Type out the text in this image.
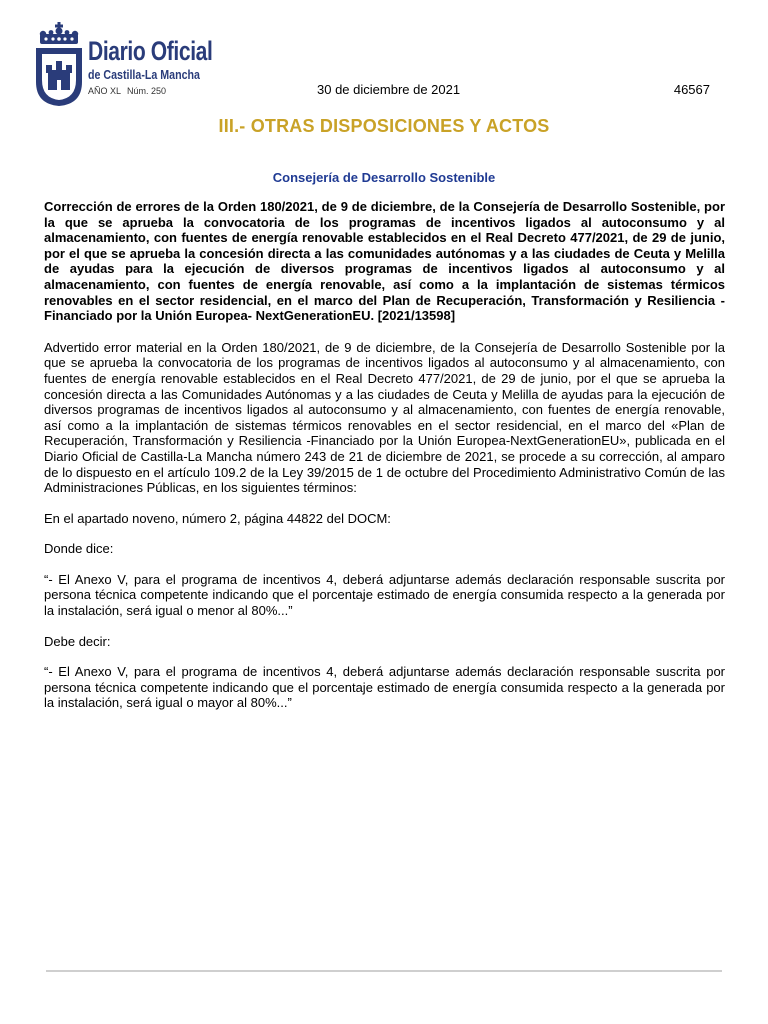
Diario Oficial
de Castilla-La Mancha
AÑO XL Núm. 250	30 de diciembre de 2021	46567
III.- OTRAS DISPOSICIONES Y ACTOS
Consejería de Desarrollo Sostenible

Corrección de errores de la Orden 180/2021, de 9 de diciembre, de la Consejería de Desarrollo Sostenible, por la que se aprueba la convocatoria de los programas de incentivos ligados al autoconsumo y al almacenamiento, con fuentes de energía renovable establecidos en el Real Decreto 477/2021, de 29 de junio, por el que se aprueba la concesión directa a las comunidades autónomas y a las ciudades de Ceuta y Melilla de ayudas para la ejecución de diversos programas de incentivos ligados al autoconsumo y al almacenamiento, con fuentes de energía renovable, así como a la implantación de sistemas térmicos renovables en el sector residencial, en el marco del Plan de Recuperación, Transformación y Resiliencia -Financiado por la Unión Europea- NextGenerationEU. [2021/13598]

Advertido error material en la Orden 180/2021, de 9 de diciembre, de la Consejería de Desarrollo Sostenible por la que se aprueba la convocatoria de los programas de incentivos ligados al autoconsumo y al almacenamiento, con fuentes de energía renovable establecidos en el Real Decreto 477/2021, de 29 de junio, por el que se aprueba la concesión directa a las Comunidades Autónomas y a las ciudades de Ceuta y Melilla de ayudas para la ejecución de diversos programas de incentivos ligados al autoconsumo y al almacenamiento, con fuentes de energía renovable, así como a la implantación de sistemas térmicos renovables en el sector residencial, en el marco del «Plan de Recuperación, Transformación y Resiliencia -Financiado por la Unión Europea-NextGenerationEU», publicada en el Diario Oficial de Castilla-La Mancha número 243 de 21 de diciembre de 2021, se procede a su corrección, al amparo de lo dispuesto en el artículo 109.2 de la Ley 39/2015 de 1 de octubre del Procedimiento Administrativo Común de las Administraciones Públicas, en los siguientes términos:

En el apartado noveno, número 2, página 44822 del DOCM:

Donde dice:

“- El Anexo V, para el programa de incentivos 4, deberá adjuntarse además declaración responsable suscrita por persona técnica competente indicando que el porcentaje estimado de energía consumida respecto a la generada por la instalación, será igual o menor al 80%...”

Debe decir:

“- El Anexo V, para el programa de incentivos 4, deberá adjuntarse además declaración responsable suscrita por persona técnica competente indicando que el porcentaje estimado de energía consumida respecto a la generada por la instalación, será igual o mayor al 80%...”
